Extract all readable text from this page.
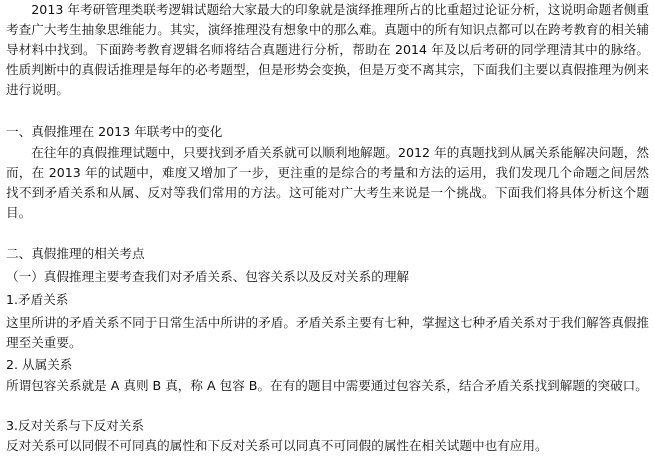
　　2013 年考研管理类联考逻辑试题给大家最大的印象就是演绎推理所占的比重超过论证分析，这说明命题者侧重考查广大考生抽象思维能力。其实，演绎推理没有想象中的那么难。真题中的所有知识点都可以在跨考教育的相关辅导材料中找到。下面跨考教育逻辑名师将结合真题进行分析，帮助在 2014 年及以后考研的同学理清其中的脉络。性质判断中的真假话推理是每年的必考题型，但是形势会变换，但是万变不离其宗，下面我们主要以真假推理为例来进行说明。

一、真假推理在 2013 年联考中的变化

　　在往年的真假推理试题中，只要找到矛盾关系就可以顺利地解题。2012 年的真题找到从属关系能解决问题，然而，在 2013 年的试题中，难度又增加了一步，更注重的是综合的考量和方法的运用，我们发现几个命题之间居然找不到矛盾关系和从属、反对等我们常用的方法。这可能对广大考生来说是一个挑战。下面我们将具体分析这个题目。

二、真假推理的相关考点

（一）真假推理主要考查我们对矛盾关系、包容关系以及反对关系的理解

1.矛盾关系

这里所讲的矛盾关系不同于日常生活中所讲的矛盾。矛盾关系主要有七种，掌握这七种矛盾关系对于我们解答真假推理至关重要。

2. 从属关系

所谓包容关系就是 A 真则 B 真，称 A 包容 B。在有的题目中需要通过包容关系，结合矛盾关系找到解题的突破口。

3.反对关系与下反对关系

反对关系可以同假不可同真的属性和下反对关系可以同真不可同假的属性在相关试题中也有应用。
